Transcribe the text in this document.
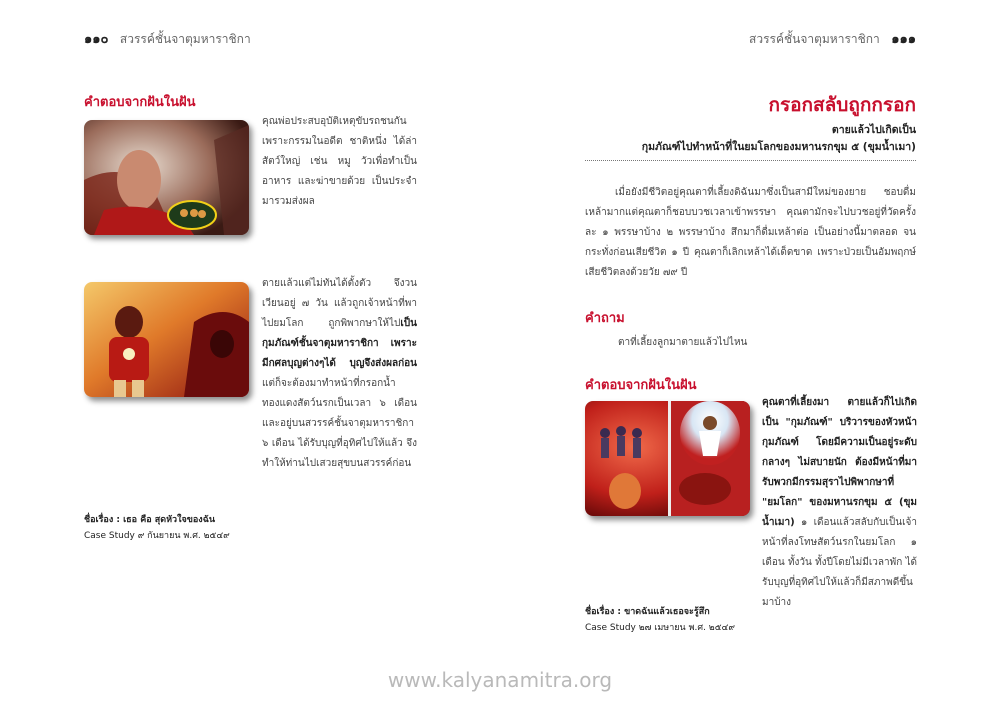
๑๑๐ สวรรค์ชั้นจาตุมหาราชิกา
คำตอบจากฝันในฝัน
คุณพ่อประสบอุบัติเหตุขับรถชนกันเพราะกรรมในอดีต ชาติหนึ่ง ได้ล่าสัตว์ใหญ่ เช่น หมู วัวเพื่อทำเป็นอาหาร และฆ่าขายด้วย เป็นประจำ มารวมส่งผล
ตายแล้วแต่ไม่ทันได้ตั้งตัว จึงวนเวียนอยู่ ๗ วัน แล้วถูกเจ้าหน้าที่พาไปยมโลก ถูกพิพากษาให้ไปเป็นกุมภัณฑ์ชั้นจาตุมหาราชิกา เพราะมีกศลบุญต่างๆได้ บุญจึงส่งผลก่อน แต่ก็จะต้องมาทำหน้าที่กรอกน้ำทองแดงสัตว์นรกเป็นเวลา ๖ เดือน และอยู่บนสวรรค์ชั้นจาตุมหาราชิกา ๖ เดือน ได้รับบุญที่อุทิศไปให้แล้ว จึงทำให้ท่านไปเสวยสุขบนสวรรค์ก่อน
ชื่อเรื่อง : เธอ คือ สุดหัวใจของฉัน
Case Study ๙ กันยายน พ.ศ. ๒๕๔๙
สวรรค์ชั้นจาตุมหาราชิกา ๑๑๑
กรอกสลับถูกกรอก
ตายแล้วไปเกิดเป็น
กุมภัณฑ์ไปทำหน้าที่ในยมโลกของมหานรกขุม ๕ (ขุมน้ำเมา)
เมื่อยังมีชีวิตอยู่คุณตาที่เลี้ยงดิฉันมาซึ่งเป็นสามีใหม่ของยาย ชอบดื่มเหล้ามากแต่คุณตาก็ชอบบวชเวลาเข้าพรรษา คุณตามักจะไปบวชอยู่ที่วัดครั้งละ ๑ พรรษาบ้าง ๒ พรรษาบ้าง สึกมาก็ดื่มเหล้าต่อ เป็นอย่างนี้มาตลอด จนกระทั่งก่อนเสียชีวิต ๑ ปี คุณตาก็เลิกเหล้าได้เด็ดขาด เพราะป่วยเป็นอัมพฤกษ์ เสียชีวิตลงด้วยวัย ๗๙ ปี
คำถาม
ตาที่เลี้ยงลูกมาตายแล้วไปไหน
คำตอบจากฝันในฝัน
คุณตาที่เลี้ยงมา ตายแล้วก็ไปเกิดเป็น "กุมภัณฑ์" บริวารของหัวหน้ากุมภัณฑ์ โดยมีความเป็นอยู่ระดับกลางๆ ไม่สบายนัก ต้องมีหน้าที่มารับพวกมีกรรมสุราไปพิพากษาที่ "ยมโลก" ของมหานรกขุม ๕ (ขุมน้ำเมา) ๑ เดือนแล้วสลับกับเป็นเจ้าหน้าที่ลงโทษสัตว์นรกในยมโลก ๑ เดือน ทั้งวัน ทั้งปีโดยไม่มีเวลาพัก ได้รับบุญที่อุทิศไปให้แล้วก็มีสภาพดีขึ้นมาบ้าง
ชื่อเรื่อง : ขาดฉันแล้วเธอจะรู้สึก
Case Study ๒๗ เมษายน พ.ศ. ๒๕๔๙
www.kalyanamitra.org
